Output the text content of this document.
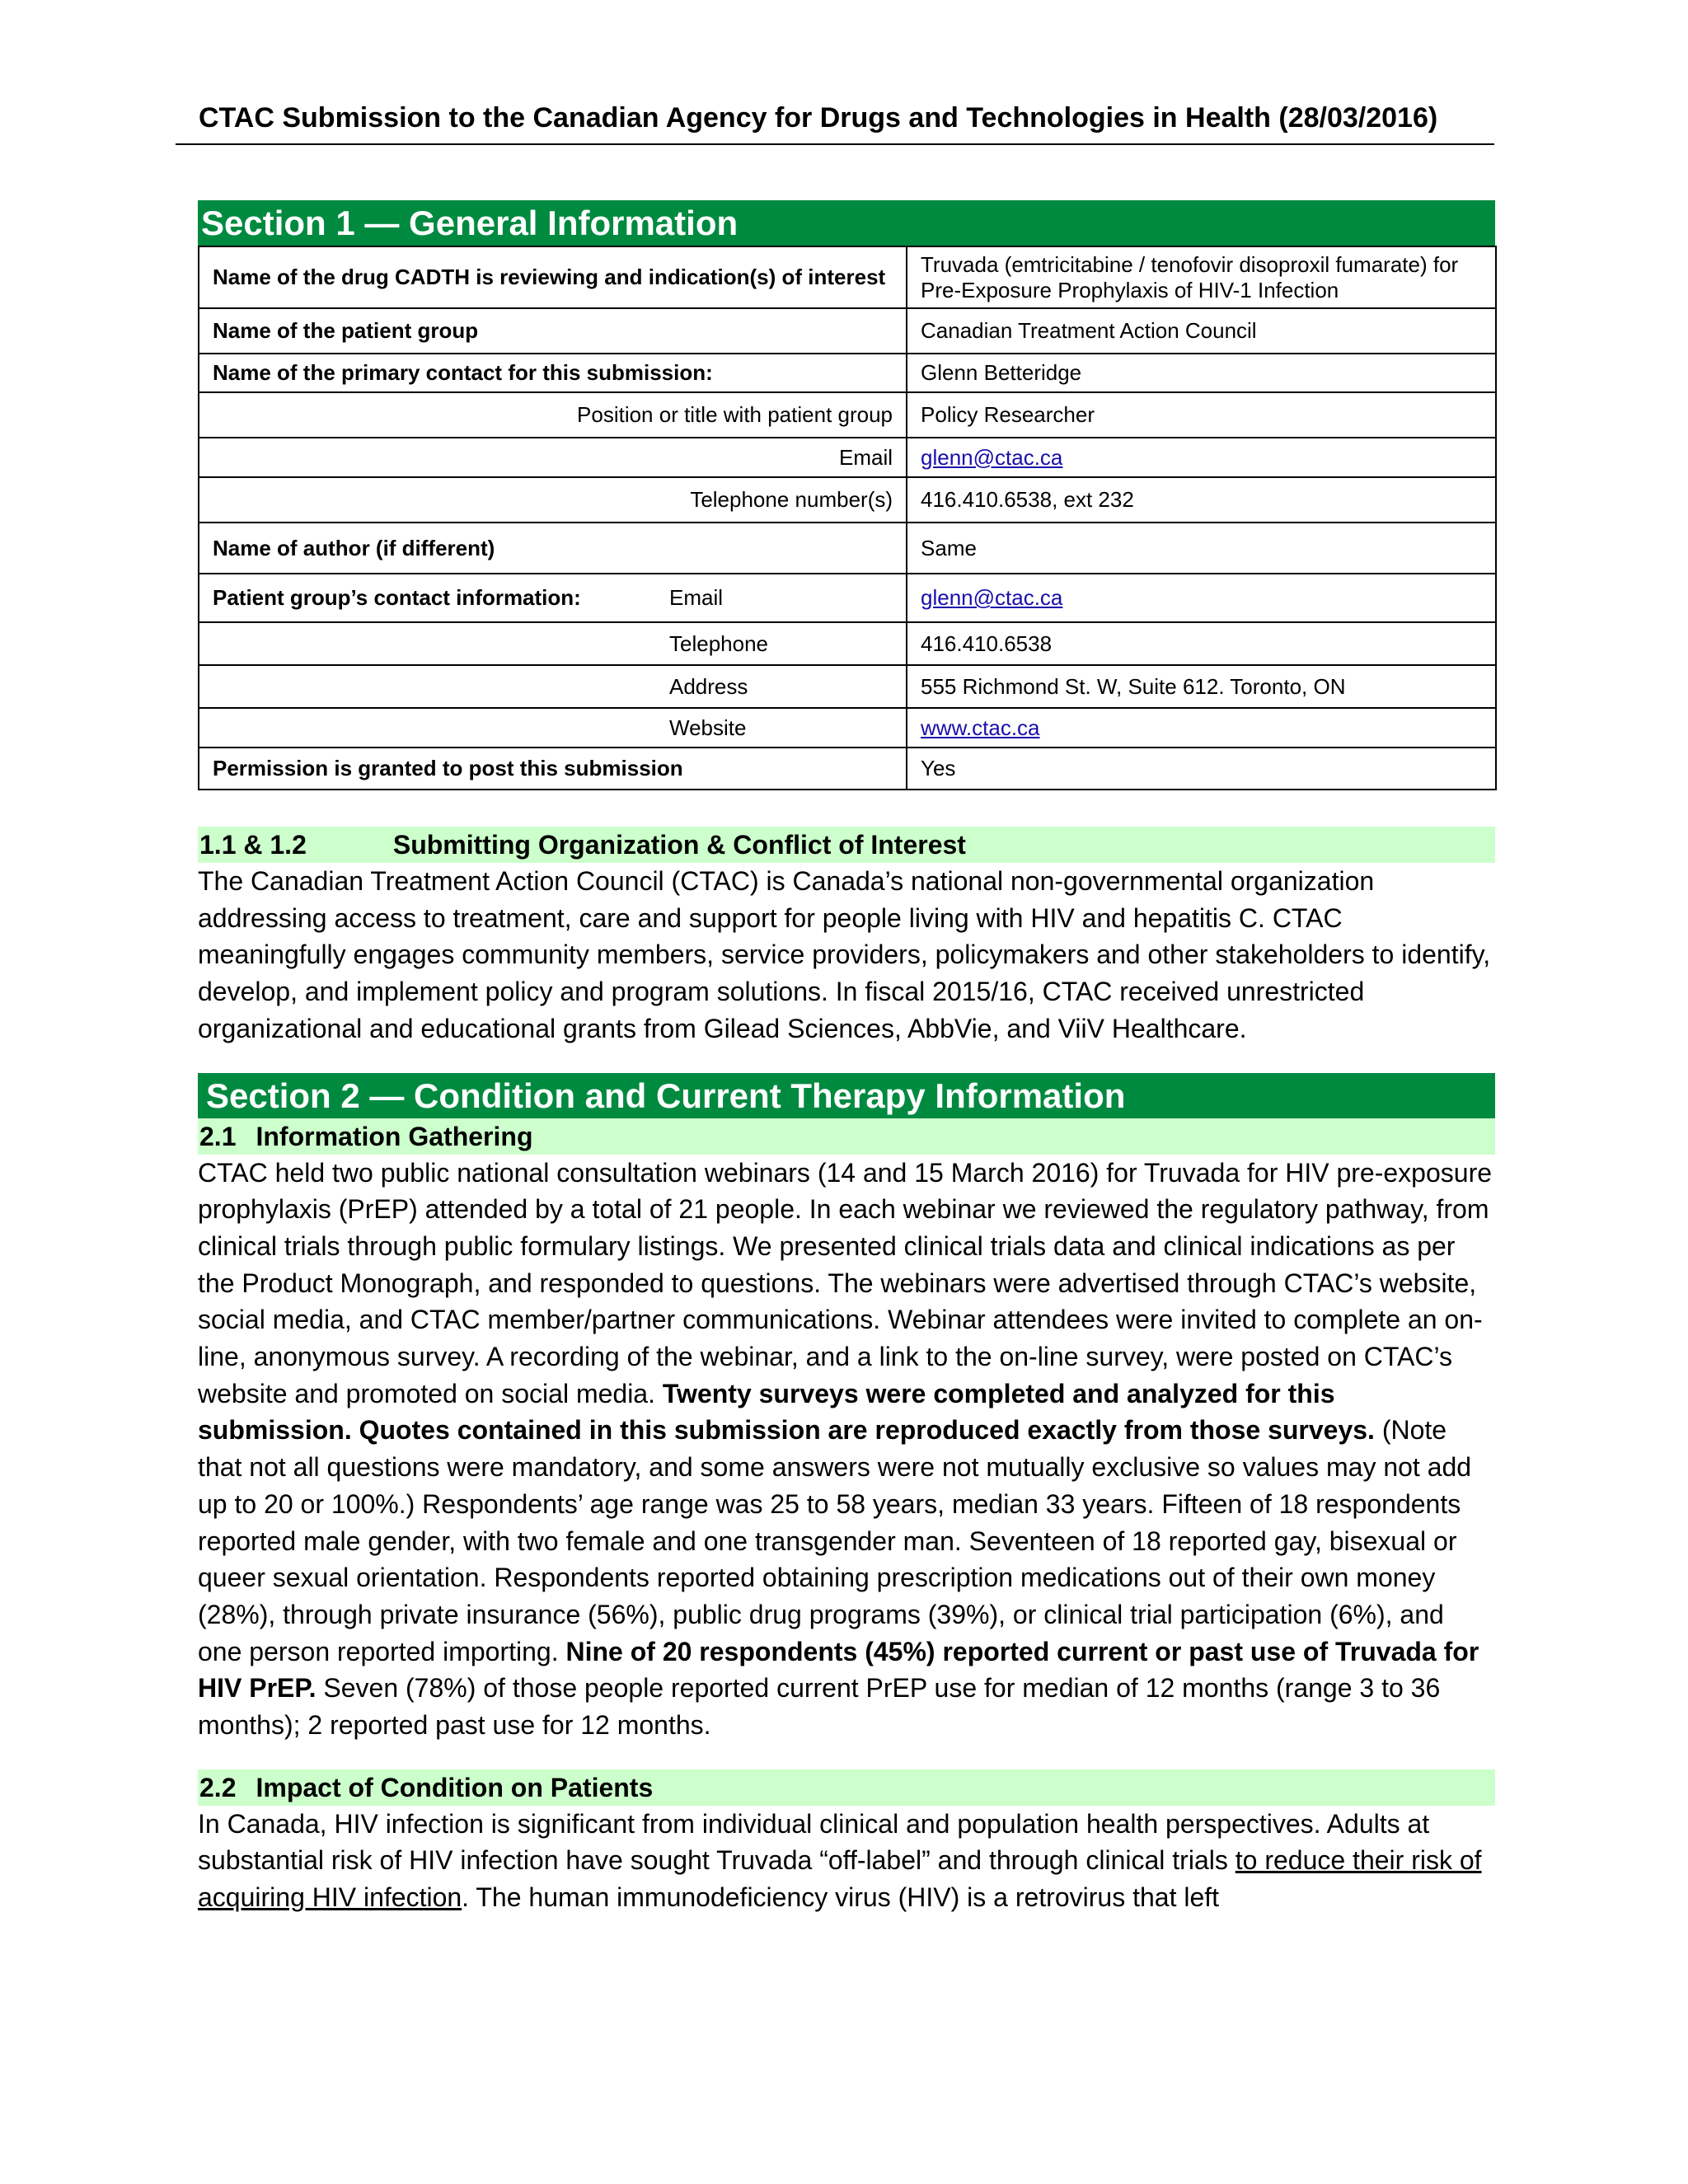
CTAC Submission to the Canadian Agency for Drugs and Technologies in Health (28/03/2016)
Section 1 — General Information
Name of the drug CADTH is reviewing and indication(s) of interest		Truvada (emtricitabine / tenofovir disoproxil fumarate) for Pre-Exposure Prophylaxis of HIV-1 Infection
Name of the patient group		Canadian Treatment Action Council
Name of the primary contact for this submission:		Glenn Betteridge
Position or title with patient group		Policy Researcher
Email		glenn@ctac.ca
Telephone number(s)		416.410.6538, ext 232
Name of author (if different)		Same
Patient group’s contact information:	Email	glenn@ctac.ca
	Telephone	416.410.6538
	Address	555 Richmond St. W, Suite 612. Toronto, ON
	Website	www.ctac.ca
Permission is granted to post this submission		Yes
1.1 & 1.2	Submitting Organization & Conflict of Interest

The Canadian Treatment Action Council (CTAC) is Canada’s national non-governmental organization addressing access to treatment, care and support for people living with HIV and hepatitis C. CTAC meaningfully engages community members, service providers, policymakers and other stakeholders to identify, develop, and implement policy and program solutions. In fiscal 2015/16, CTAC received unrestricted organizational and educational grants from Gilead Sciences, AbbVie, and ViiV Healthcare.

Section 2 — Condition and Current Therapy Information
2.1 Information Gathering

CTAC held two public national consultation webinars (14 and 15 March 2016) for Truvada for HIV pre-exposure prophylaxis (PrEP) attended by a total of 21 people. In each webinar we reviewed the regulatory pathway, from clinical trials through public formulary listings. We presented clinical trials data and clinical indications as per the Product Monograph, and responded to questions. The webinars were advertised through CTAC’s website, social media, and CTAC member/partner communications. Webinar attendees were invited to complete an on-line, anonymous survey. A recording of the webinar, and a link to the on-line survey, were posted on CTAC’s website and promoted on social media. Twenty surveys were completed and analyzed for this submission. Quotes contained in this submission are reproduced exactly from those surveys. (Note that not all questions were mandatory, and some answers were not mutually exclusive so values may not add up to 20 or 100%.) Respondents’ age range was 25 to 58 years, median 33 years. Fifteen of 18 respondents reported male gender, with two female and one transgender man. Seventeen of 18 reported gay, bisexual or queer sexual orientation. Respondents reported obtaining prescription medications out of their own money (28%), through private insurance (56%), public drug programs (39%), or clinical trial participation (6%), and one person reported importing. Nine of 20 respondents (45%) reported current or past use of Truvada for HIV PrEP. Seven (78%) of those people reported current PrEP use for median of 12 months (range 3 to 36 months); 2 reported past use for 12 months.

2.2 Impact of Condition on Patients

In Canada, HIV infection is significant from individual clinical and population health perspectives. Adults at substantial risk of HIV infection have sought Truvada “off-label” and through clinical trials to reduce their risk of acquiring HIV infection. The human immunodeficiency virus (HIV) is a retrovirus that left
